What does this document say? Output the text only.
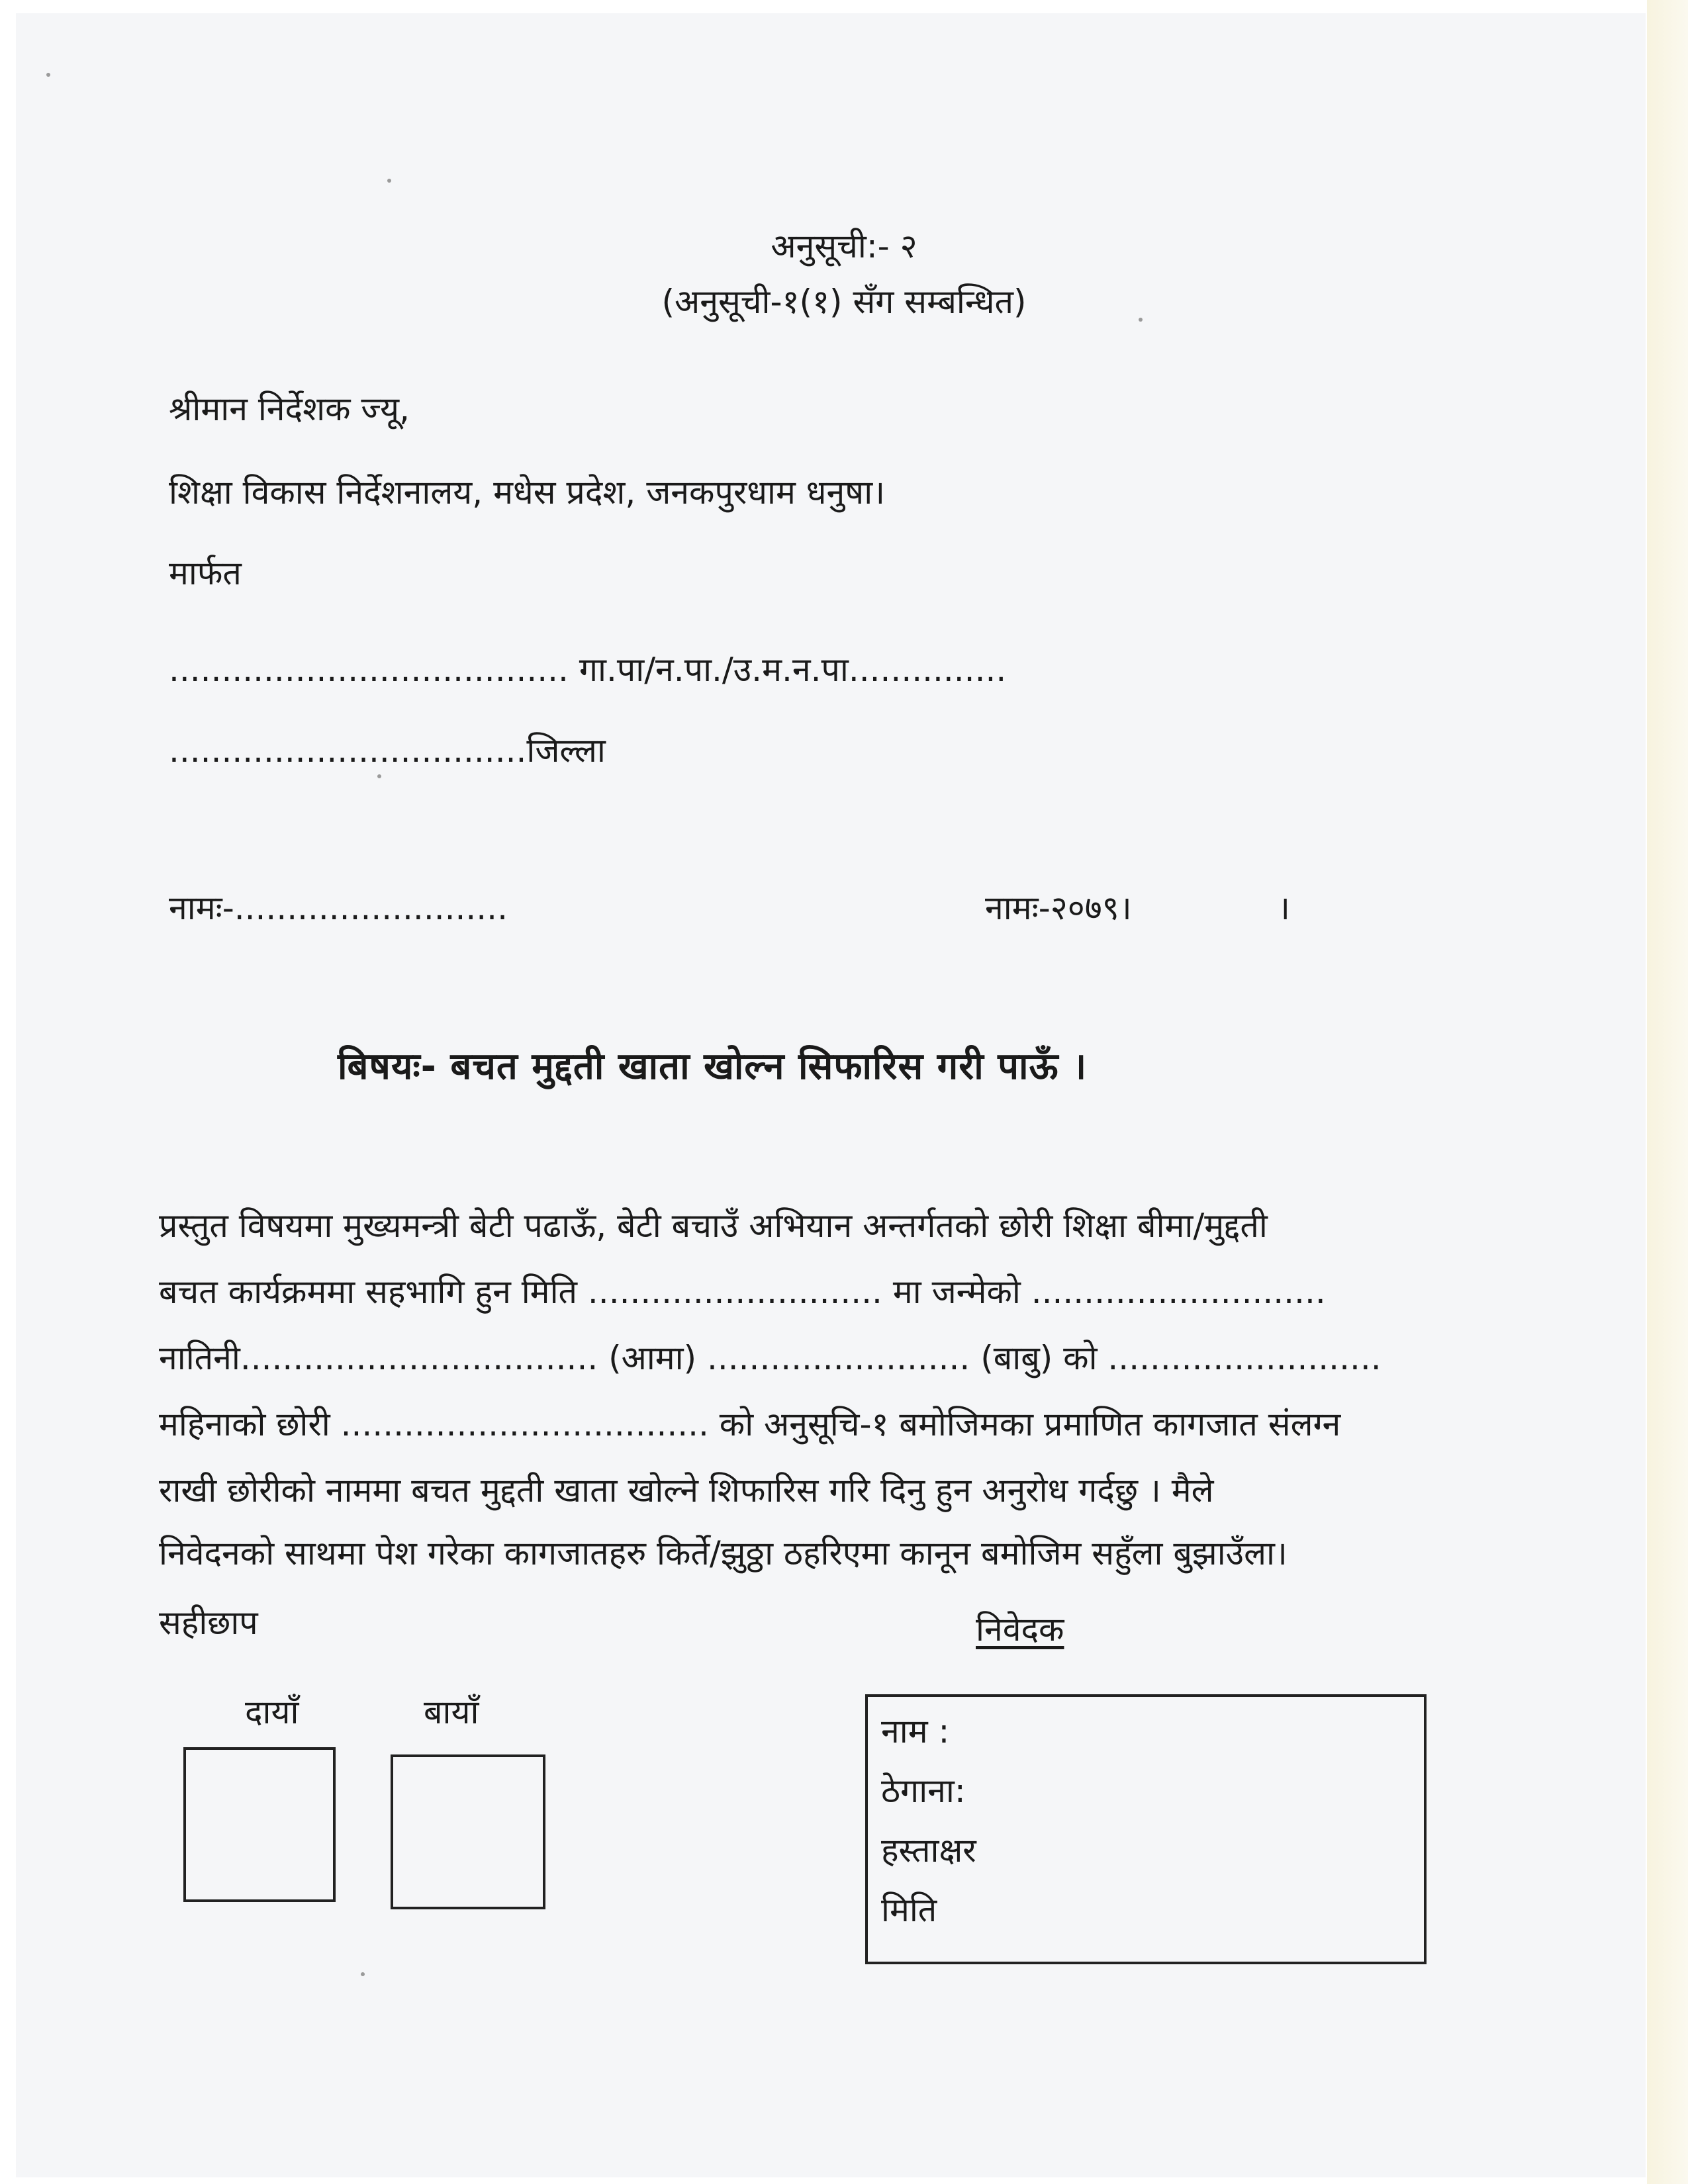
अनुसूची:- २
(अनुसूची-१(१) सँग सम्बन्धित)
श्रीमान निर्देशक ज्यू,
शिक्षा विकास निर्देशनालय, मधेस प्रदेश, जनकपुरधाम धनुषा।
मार्फत
...................................... गा.पा/न.पा./उ.म.न.पा...............
..................................जिल्ला
नामः-..........................	नामः-२०७९।	।
बिषयः- बचत मुद्दती खाता खोल्न सिफारिस गरी पाऊँ ।
प्रस्तुत विषयमा मुख्यमन्त्री बेटी पढाऊँ, बेटी बचाउँ अभियान अन्तर्गतको छोरी शिक्षा बीमा/मुद्दती
बचत कार्यक्रममा सहभागि हुन मिति ............................ मा जन्मेको ............................
नातिनी.................................. (आमा) ......................... (बाबु) को ..........................
महिनाको छोरी ................................... को अनुसूचि-१ बमोजिमका प्रमाणित कागजात संलग्न
राखी छोरीको नाममा बचत मुद्दती खाता खोल्ने शिफारिस गरि दिनु हुन अनुरोध गर्दछु । मैले
निवेदनको साथमा पेश गरेका कागजातहरु किर्ते/झुठ्ठा ठहरिएमा कानून बमोजिम सहुँला बुझाउँला।
सहीछाप
दायाँ	बायाँ
निवेदक
नाम :
ठेगाना:
हस्ताक्षर
मिति
